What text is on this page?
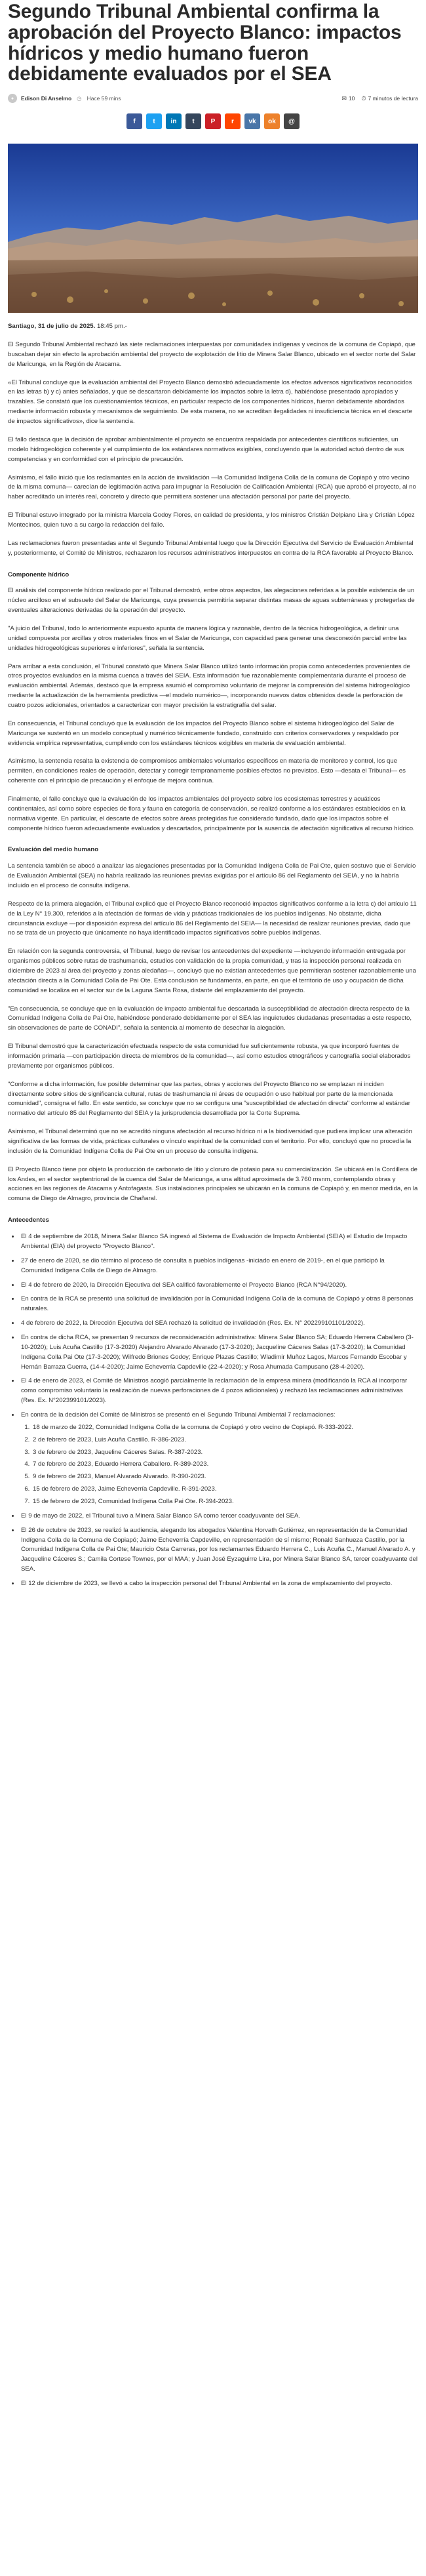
Segundo Tribunal Ambiental confirma la aprobación del Proyecto Blanco: impactos hídricos y medio humano fueron debidamente evaluados por el SEA
●	Edison Di Anselmo ◷ Hace 59 mins	✉ 10 ⏱ 7 minutos de lectura
f	t	in	t	P	r	vk	ok	@

Santiago, 31 de julio de 2025. 18:45 pm.-

El Segundo Tribunal Ambiental rechazó las siete reclamaciones interpuestas por comunidades indígenas y vecinos de la comuna de Copiapó, que buscaban dejar sin efecto la aprobación ambiental del proyecto de explotación de litio de Minera Salar Blanco, ubicado en el sector norte del Salar de Maricunga, en la Región de Atacama.

«El Tribunal concluye que la evaluación ambiental del Proyecto Blanco demostró adecuadamente los efectos adversos significativos reconocidos en las letras b) y c) antes señalados, y que se descartaron debidamente los impactos sobre la letra d), habiéndose presentado apropiados y trazables. Se constató que los cuestionamientos técnicos, en particular respecto de los componentes hídricos, fueron debidamente abordados mediante información robusta y mecanismos de seguimiento. De esta manera, no se acreditan ilegalidades ni insuficiencia técnica en el descarte de impactos significativos», dice la sentencia.

El fallo destaca que la decisión de aprobar ambientalmente el proyecto se encuentra respaldada por antecedentes científicos suficientes, un modelo hidrogeológico coherente y el cumplimiento de los estándares normativos exigibles, concluyendo que la autoridad actuó dentro de sus competencias y en conformidad con el principio de precaución.

Asimismo, el fallo inició que los reclamantes en la acción de invalidación —la Comunidad Indígena Colla de la comuna de Copiapó y otro vecino de la misma comuna— carecían de legitimación activa para impugnar la Resolución de Calificación Ambiental (RCA) que aprobó el proyecto, al no haber acreditado un interés real, concreto y directo que permitiera sostener una afectación personal por parte del proyecto.

El Tribunal estuvo integrado por la ministra Marcela Godoy Flores, en calidad de presidenta, y los ministros Cristián Delpiano Lira y Cristián López Montecinos, quien tuvo a su cargo la redacción del fallo.

Las reclamaciones fueron presentadas ante el Segundo Tribunal Ambiental luego que la Dirección Ejecutiva del Servicio de Evaluación Ambiental y, posteriormente, el Comité de Ministros, rechazaron los recursos administrativos interpuestos en contra de la RCA favorable al Proyecto Blanco.

Componente hídrico

El análisis del componente hídrico realizado por el Tribunal demostró, entre otros aspectos, las alegaciones referidas a la posible existencia de un núcleo arcilloso en el subsuelo del Salar de Maricunga, cuya presencia permitiría separar distintas masas de aguas subterráneas y protegerlas de eventuales alteraciones derivadas de la operación del proyecto.

"A juicio del Tribunal, todo lo anteriormente expuesto apunta de manera lógica y razonable, dentro de la técnica hidrogeológica, a definir una unidad compuesta por arcillas y otros materiales finos en el Salar de Maricunga, con capacidad para generar una desconexión parcial entre las unidades hidrogeológicas superiores e inferiores", señala la sentencia.

Para arribar a esta conclusión, el Tribunal constató que Minera Salar Blanco utilizó tanto información propia como antecedentes provenientes de otros proyectos evaluados en la misma cuenca a través del SEIA. Esta información fue razonablemente complementaria durante el proceso de evaluación ambiental. Además, destacó que la empresa asumió el compromiso voluntario de mejorar la comprensión del sistema hidrogeológico mediante la actualización de la herramienta predictiva —el modelo numérico—, incorporando nuevos datos obtenidos desde la perforación de cuatro pozos adicionales, orientados a caracterizar con mayor precisión la estratigrafía del salar.

En consecuencia, el Tribunal concluyó que la evaluación de los impactos del Proyecto Blanco sobre el sistema hidrogeológico del Salar de Maricunga se sustentó en un modelo conceptual y numérico técnicamente fundado, construido con criterios conservadores y respaldado por evidencia empírica representativa, cumpliendo con los estándares técnicos exigibles en materia de evaluación ambiental.

Asimismo, la sentencia resalta la existencia de compromisos ambientales voluntarios específicos en materia de monitoreo y control, los que permiten, en condiciones reales de operación, detectar y corregir tempranamente posibles efectos no previstos. Esto —desata el Tribunal— es coherente con el principio de precaución y el enfoque de mejora continua.

Finalmente, el fallo concluye que la evaluación de los impactos ambientales del proyecto sobre los ecosistemas terrestres y acuáticos continentales, así como sobre especies de flora y fauna en categoría de conservación, se realizó conforme a los estándares establecidos en la normativa vigente. En particular, el descarte de efectos sobre áreas protegidas fue considerado fundado, dado que los impactos sobre el componente hídrico fueron adecuadamente evaluados y descartados, principalmente por la ausencia de afectación significativa al recurso hídrico.

Evaluación del medio humano

La sentencia también se abocó a analizar las alegaciones presentadas por la Comunidad Indígena Colla de Pai Ote, quien sostuvo que el Servicio de Evaluación Ambiental (SEA) no habría realizado las reuniones previas exigidas por el artículo 86 del Reglamento del SEIA, y no la habría incluido en el proceso de consulta indígena.

Respecto de la primera alegación, el Tribunal explicó que el Proyecto Blanco reconoció impactos significativos conforme a la letra c) del artículo 11 de la Ley N° 19.300, referidos a la afectación de formas de vida y prácticas tradicionales de los pueblos indígenas. No obstante, dicha circunstancia excluye —por disposición expresa del artículo 86 del Reglamento del SEIA— la necesidad de realizar reuniones previas, dado que no se trata de un proyecto que únicamente no haya identificado impactos significativos sobre pueblos indígenas.

En relación con la segunda controversia, el Tribunal, luego de revisar los antecedentes del expediente —incluyendo información entregada por organismos públicos sobre rutas de trashumancia, estudios con validación de la propia comunidad, y tras la inspección personal realizada en diciembre de 2023 al área del proyecto y zonas aledañas—, concluyó que no existían antecedentes que permitieran sostener razonablemente una afectación directa a la Comunidad Colla de Pai Ote. Esta conclusión se fundamenta, en parte, en que el territorio de uso y ocupación de dicha comunidad se localiza en el sector sur de la Laguna Santa Rosa, distante del emplazamiento del proyecto.

"En consecuencia, se concluye que en la evaluación de impacto ambiental fue descartada la susceptibilidad de afectación directa respecto de la Comunidad Indígena Colla de Pai Ote, habiéndose ponderado debidamente por el SEA las inquietudes ciudadanas presentadas a este respecto, sin observaciones de parte de CONADI", señala la sentencia al momento de desechar la alegación.

El Tribunal demostró que la caracterización efectuada respecto de esta comunidad fue suficientemente robusta, ya que incorporó fuentes de información primaria —con participación directa de miembros de la comunidad—, así como estudios etnográficos y cartografía social elaborados previamente por organismos públicos.

"Conforme a dicha información, fue posible determinar que las partes, obras y acciones del Proyecto Blanco no se emplazan ni inciden directamente sobre sitios de significancia cultural, rutas de trashumancia ni áreas de ocupación o uso habitual por parte de la mencionada comunidad", consigna el fallo. En este sentido, se concluye que no se configura una "susceptibilidad de afectación directa" conforme al estándar normativo del artículo 85 del Reglamento del SEIA y la jurisprudencia desarrollada por la Corte Suprema.

Asimismo, el Tribunal determinó que no se acreditó ninguna afectación al recurso hídrico ni a la biodiversidad que pudiera implicar una alteración significativa de las formas de vida, prácticas culturales o vínculo espiritual de la comunidad con el territorio. Por ello, concluyó que no procedía la inclusión de la Comunidad Indígena Colla de Pai Ote en un proceso de consulta indígena.

El Proyecto Blanco tiene por objeto la producción de carbonato de litio y cloruro de potasio para su comercialización. Se ubicará en la Cordillera de los Andes, en el sector septentrional de la cuenca del Salar de Maricunga, a una altitud aproximada de 3.760 msnm, contemplando obras y acciones en las regiones de Atacama y Antofagasta. Sus instalaciones principales se ubicarán en la comuna de Copiapó y, en menor medida, en la comuna de Diego de Almagro, provincia de Chañaral.

Antecedentes
• El 4 de septiembre de 2018, Minera Salar Blanco SA ingresó al Sistema de Evaluación de Impacto Ambiental (SEIA) el Estudio de Impacto Ambiental (EIA) del proyecto "Proyecto Blanco".
• 27 de enero de 2020, se dio término al proceso de consulta a pueblos indígenas -iniciado en enero de 2019-, en el que participó la Comunidad Indígena Colla de Diego de Almagro.
• El 4 de febrero de 2020, la Dirección Ejecutiva del SEA calificó favorablemente el Proyecto Blanco (RCA N°94/2020).
• En contra de la RCA se presentó una solicitud de invalidación por la Comunidad Indígena Colla de la comuna de Copiapó y otras 8 personas naturales.
• 4 de febrero de 2022, la Dirección Ejecutiva del SEA rechazó la solicitud de invalidación (Res. Ex. N° 202299101101/2022).
• En contra de dicha RCA, se presentan 9 recursos de reconsideración administrativa: Minera Salar Blanco SA; Eduardo Herrera Caballero (3-10-2020); Luis Acuña Castillo (17-3-2020) Alejandro Alvarado Alvarado (17-3-2020); Jacqueline Cáceres Salas (17-3-2020); la Comunidad Indígena Colla Pai Ote (17-3-2020); Wilfredo Briones Godoy; Enrique Plazas Castillo; Wladimir Muñoz Lagos, Marcos Fernando Escobar y Hernán Barraza Guerra, (14-4-2020); Jaime Echeverría Capdeville (22-4-2020); y Rosa Ahumada Campusano (28-4-2020).
• El 4 de enero de 2023, el Comité de Ministros acogió parcialmente la reclamación de la empresa minera (modificando la RCA al incorporar como compromiso voluntario la realización de nuevas perforaciones de 4 pozos adicionales) y rechazó las reclamaciones administrativas (Res. Ex. N°202399101/2023).
• En contra de la decisión del Comité de Ministros se presentó en el Segundo Tribunal Ambiental 7 reclamaciones:
1. 18 de marzo de 2022, Comunidad Indígena Colla de la comuna de Copiapó y otro vecino de Copiapó. R-333-2022.
2. 2 de febrero de 2023, Luis Acuña Castillo. R-386-2023.
3. 3 de febrero de 2023, Jaqueline Cáceres Salas. R-387-2023.
4. 7 de febrero de 2023, Eduardo Herrera Caballero. R-389-2023.
5. 9 de febrero de 2023, Manuel Alvarado Alvarado. R-390-2023.
6. 15 de febrero de 2023, Jaime Echeverría Capdeville. R-391-2023.
7. 15 de febrero de 2023, Comunidad Indígena Colla Pai Ote. R-394-2023.
• El 9 de mayo de 2022, el Tribunal tuvo a Minera Salar Blanco SA como tercer coadyuvante del SEA.
• El 26 de octubre de 2023, se realizó la audiencia, alegando los abogados Valentina Horvath Gutiérrez, en representación de la Comunidad Indígena Colla de la Comuna de Copiapó; Jaime Echeverría Capdeville, en representación de sí mismo; Ronald Sanhueza Castillo, por la Comunidad Indígena Colla de Pai Ote; Mauricio Osta Carreras, por los reclamantes Eduardo Herrera C., Luis Acuña C., Manuel Alvarado A. y Jacqueline Cáceres S.; Camila Cortese Townes, por el MAA; y Juan José Eyzaguirre Lira, por Minera Salar Blanco SA, tercer coadyuvante del SEA.
• El 12 de diciembre de 2023, se llevó a cabo la inspección personal del Tribunal Ambiental en la zona de emplazamiento del proyecto.
